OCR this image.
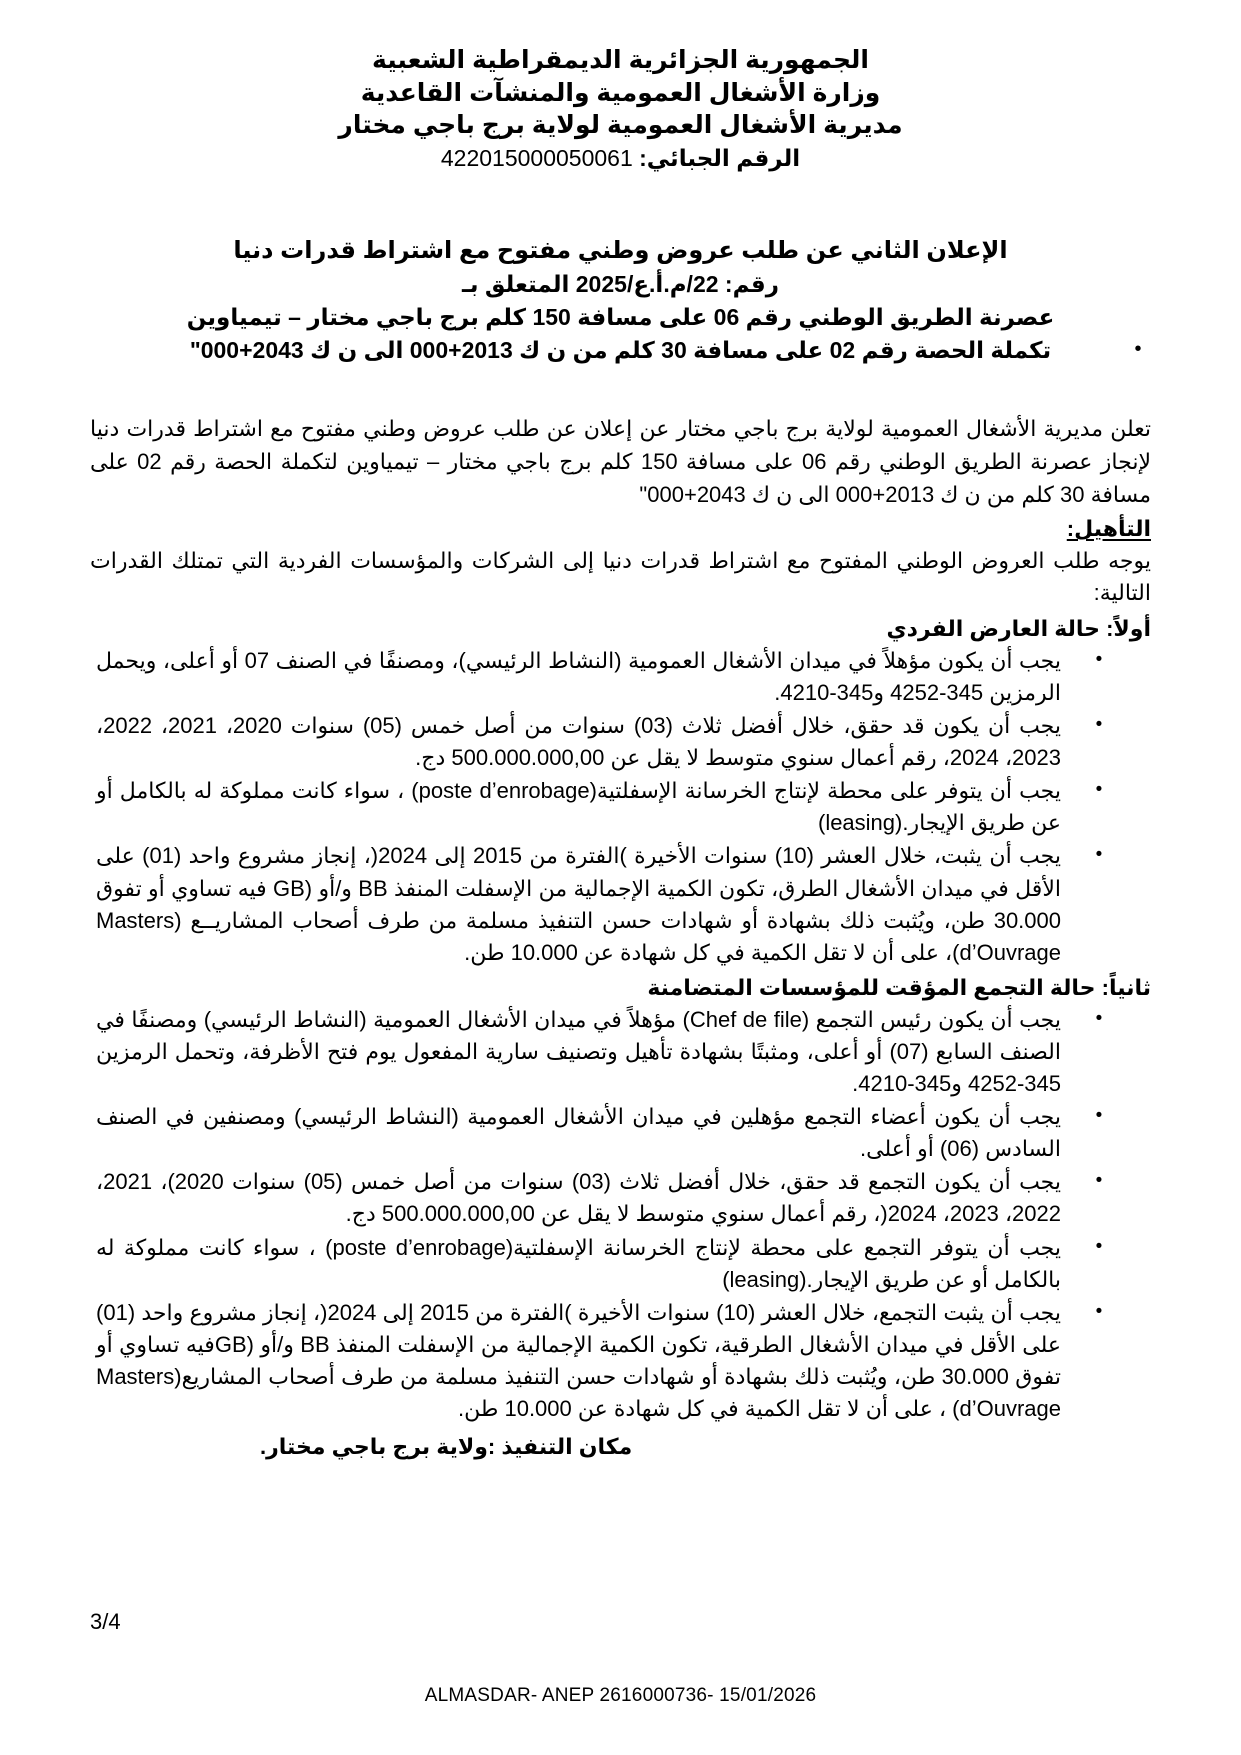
الجمهورية الجزائرية الديمقراطية الشعبية
وزارة الأشغال العمومية والمنشآت القاعدية
مديرية الأشغال العمومية لولاية برج باجي مختار
الرقم الجبائي: 422015000050061
الإعلان الثاني عن طلب عروض وطني مفتوح مع اشتراط قدرات دنيا
رقم: 22/م.أ.ع/2025 المتعلق بـ
عصرنة الطريق الوطني رقم 06 على مسافة 150 كلم برج باجي مختار – تيمياوين
•
تكملة الحصة رقم 02 على مسافة 30 كلم من ن ك 2013+000 الى ن ك 2043+000"
تعلن مديرية الأشغال العمومية لولاية برج باجي مختار عن إعلان عن طلب عروض وطني مفتوح مع اشتراط قدرات دنيا لإنجاز عصرنة الطريق الوطني رقم 06 على مسافة 150 كلم برج باجي مختار – تيمياوين لتكملة الحصة رقم 02 على مسافة 30 كلم من ن ك 2013+000 الى ن ك 2043+000"
التأهيل:
يوجه طلب العروض الوطني المفتوح مع اشتراط قدرات دنيا إلى الشركات والمؤسسات الفردية التي تمتلك القدرات التالية:
أولاً: حالة العارض الفردي
•
يجب أن يكون مؤهلاً في ميدان الأشغال العمومية (النشاط الرئيسي)، ومصنفًا في الصنف 07 أو أعلى، ويحمل الرمزين 345-4252 و345-4210.
•
يجب أن يكون قد حقق، خلال أفضل ثلاث (03) سنوات من أصل خمس (05) سنوات 2020، 2021، 2022، 2023، 2024، رقم أعمال سنوي متوسط لا يقل عن 500.000.000,00 دج.
•
يجب أن يتوفر على محطة لإنتاج الخرسانة الإسفلتية(poste d’enrobage) ، سواء كانت مملوكة له بالكامل أو عن طريق الإيجار.(leasing)
•
يجب أن يثبت، خلال العشر (10) سنوات الأخيرة )الفترة من 2015 إلى 2024(، إنجاز مشروع واحد (01) على الأقل في ميدان الأشغال الطرق، تكون الكمية الإجمالية من الإسفلت المنفذ BB و/أو (GB فيه تساوي أو تفوق 30.000 طن، ويُثبت ذلك بشهادة أو شهادات حسن التنفيذ مسلمة من طرف أصحاب المشاريــع (Masters d’Ouvrage)، على أن لا تقل الكمية في كل شهادة عن 10.000 طن.
ثانياً: حالة التجمع المؤقت للمؤسسات المتضامنة
•
يجب أن يكون رئيس التجمع (Chef de file) مؤهلاً في ميدان الأشغال العمومية (النشاط الرئيسي) ومصنفًا في الصنف السابع (07) أو أعلى، ومثبتًا بشهادة تأهيل وتصنيف سارية المفعول يوم فتح الأظرفة، وتحمل الرمزين 345-4252 و345-4210.
•
يجب أن يكون أعضاء التجمع مؤهلين في ميدان الأشغال العمومية (النشاط الرئيسي) ومصنفين في الصنف السادس (06) أو أعلى.
•
يجب أن يكون التجمع قد حقق، خلال أفضل ثلاث (03) سنوات من أصل خمس (05) سنوات 2020)، 2021، 2022، 2023، 2024(، رقم أعمال سنوي متوسط لا يقل عن 500.000.000,00 دج.
•
يجب أن يتوفر التجمع على محطة لإنتاج الخرسانة الإسفلتية(poste d’enrobage) ، سواء كانت مملوكة له بالكامل أو عن طريق الإيجار.(leasing)
•
يجب أن يثبت التجمع، خلال العشر (10) سنوات الأخيرة )الفترة من 2015 إلى 2024(، إنجاز مشروع واحد (01) على الأقل في ميدان الأشغال الطرقية، تكون الكمية الإجمالية من الإسفلت المنفذ BB و/أو (GBفيه تساوي أو تفوق 30.000 طن، ويُثبت ذلك بشهادة أو شهادات حسن التنفيذ مسلمة من طرف أصحاب المشاريع(Masters d’Ouvrage) ، على أن لا تقل الكمية في كل شهادة عن 10.000 طن.
مكان التنفيذ :ولاية برج باجي مختار.
3/4
ALMASDAR- ANEP 2616000736- 15/01/2026
